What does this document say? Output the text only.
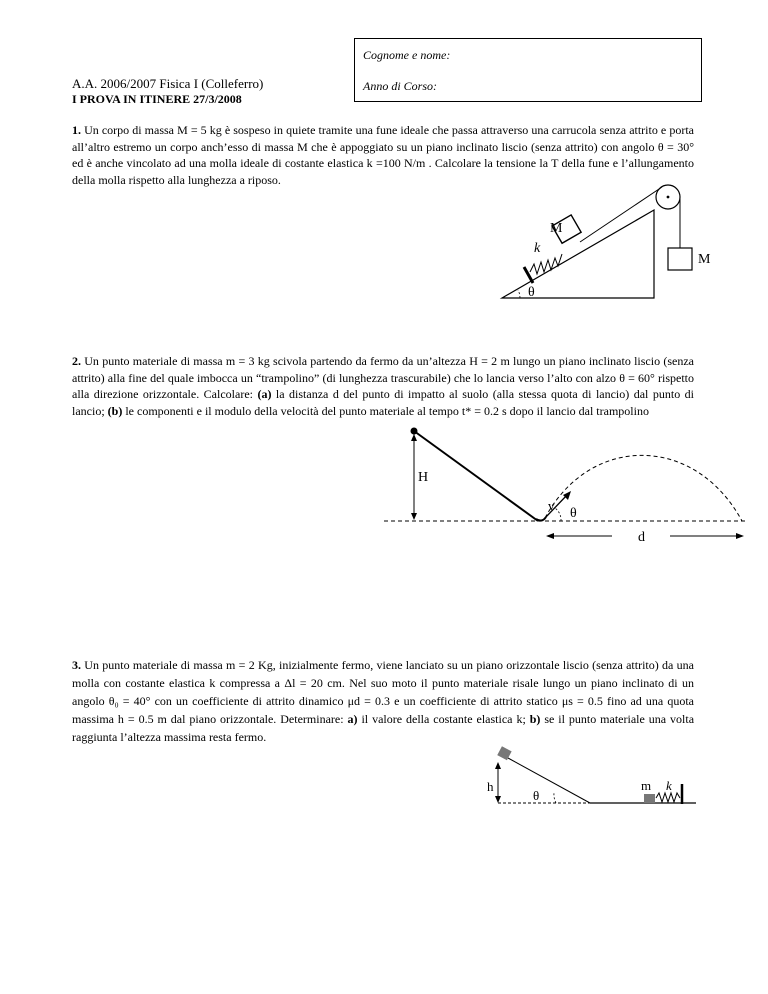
Cognome e nome:
Anno di Corso:
A.A. 2006/2007 Fisica I (Colleferro)
I PROVA IN ITINERE 27/3/2008
1. Un corpo di massa M = 5 kg è sospeso in quiete tramite una fune ideale che passa attraverso una carrucola senza attrito e porta all’altro estremo un corpo anch’esso di massa M che è appoggiato su un piano inclinato liscio (senza attrito) con angolo θ = 30° ed è anche vincolato ad una molla ideale di costante elastica k =100 N/m . Calcolare la tensione la T della fune e l’allungamento della molla rispetto alla lunghezza a riposo.
M
k
M
θ
2. Un punto materiale di massa m = 3 kg scivola partendo da fermo da un’altezza H = 2 m lungo un piano inclinato liscio (senza attrito) alla fine del quale imbocca un “trampolino” (di lunghezza trascurabile) che lo lancia verso l’alto con alzo θ = 60° rispetto alla direzione orizzontale. Calcolare: (a) la distanza d del punto di impatto al suolo (alla stessa quota di lancio) dal punto di lancio; (b) le componenti e il modulo della velocità del punto materiale al tempo t* = 0.2 s dopo il lancio dal trampolino
H
v
θ
d
3. Un punto materiale di massa m = 2 Kg, inizialmente fermo, viene lanciato su un piano orizzontale liscio (senza attrito) da una molla con costante elastica k compressa a Δl = 20 cm. Nel suo moto il punto materiale risale lungo un piano inclinato di un angolo θ₀ = 40° con un coefficiente di attrito dinamico μd = 0.3 e un coefficiente di attrito statico μs = 0.5 fino ad una quota massima h = 0.5 m dal piano orizzontale. Determinare: a) il valore della costante elastica k; b) se il punto materiale una volta raggiunta l’altezza massima resta fermo.
h
θ
m k
